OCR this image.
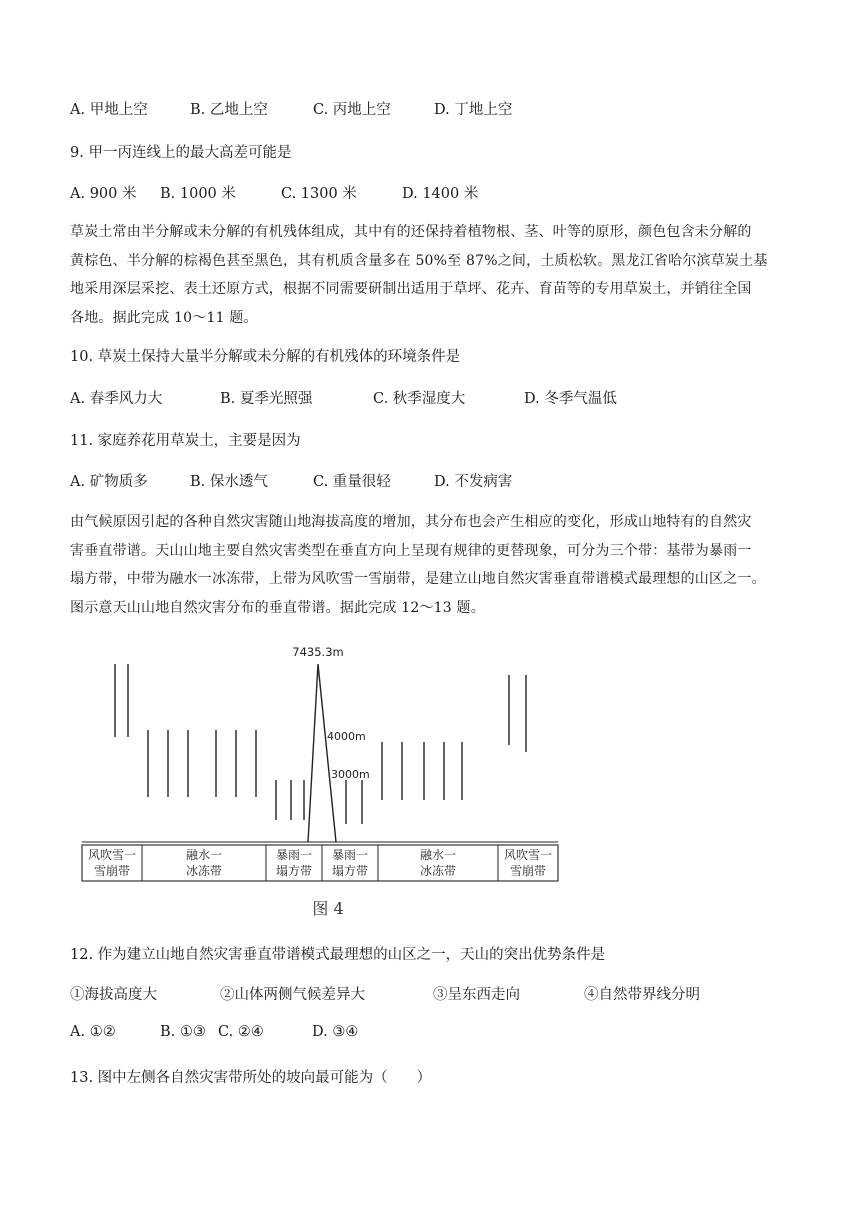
A. 甲地上空	B. 乙地上空	C. 丙地上空	D. 丁地上空
9. 甲一丙连线上的最大高差可能是
A. 900 米 B. 1000 米	C. 1300 米	D. 1400 米
草炭土常由半分解或未分解的有机残体组成，其中有的还保持着植物根、茎、叶等的原形，颜色包含未分解的
黄棕色、半分解的棕褐色甚至黑色，其有机质含量多在 50%至 87%之间，土质松软。黑龙江省哈尔滨草炭土基
地采用深层采挖、表土还原方式，根据不同需要研制出适用于草坪、花卉、育苗等的专用草炭土，并销往全国
各地。据此完成 10～11 题。
10. 草炭土保持大量半分解或未分解的有机残体的环境条件是
A. 春季风力大	B. 夏季光照强	C. 秋季湿度大	D. 冬季气温低
11. 家庭养花用草炭土，主要是因为
A. 矿物质多	B. 保水透气	C. 重量很轻	D. 不发病害
由气候原因引起的各种自然灾害随山地海拔高度的增加，其分布也会产生相应的变化，形成山地特有的自然灾
害垂直带谱。天山山地主要自然灾害类型在垂直方向上呈现有规律的更替现象，可分为三个带：基带为暴雨一
塌方带，中带为融水一冰冻带，上带为风吹雪一雪崩带，是建立山地自然灾害垂直带谱模式最理想的山区之一。
图示意天山山地自然灾害分布的垂直带谱。据此完成 12～13 题。
7435.3m
4000m
3000m
风吹雪一
雪崩带
融水一
冰冻带
暴雨一
塌方带
暴雨一
塌方带
融水一
冰冻带
风吹雪一
雪崩带
图 4
12. 作为建立山地自然灾害垂直带谱模式最理想的山区之一，天山的突出优势条件是
①海拔高度大	②山体两侧气候差异大	③呈东西走向	④自然带界线分明
A. ①②	B. ①③ C. ②④	D. ③④
13. 图中左侧各自然灾害带所处的坡向最可能为（　　）
